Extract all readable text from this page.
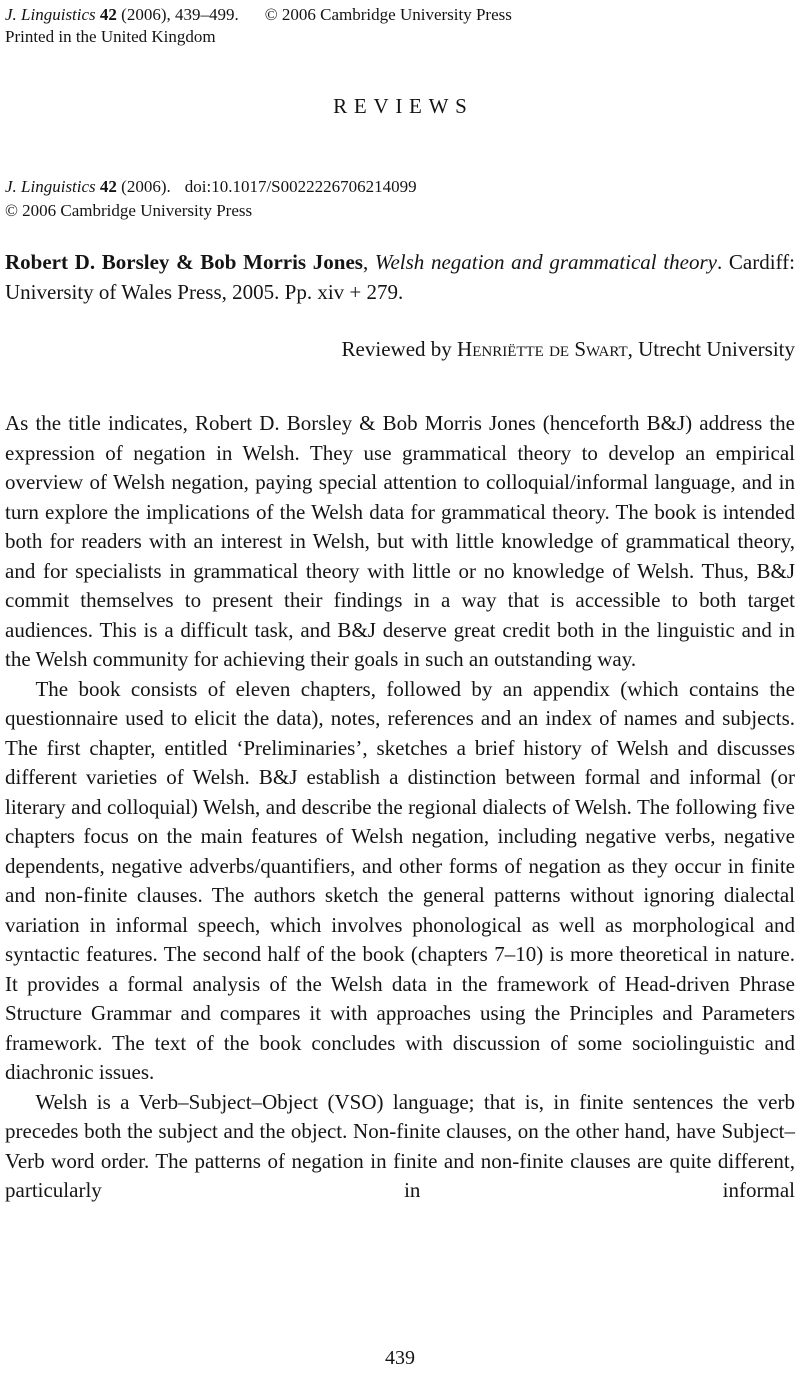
J. Linguistics 42 (2006), 439–499. © 2006 Cambridge University Press
Printed in the United Kingdom
REVIEWS
J. Linguistics 42 (2006). doi:10.1017/S0022226706214099
© 2006 Cambridge University Press

Robert D. Borsley & Bob Morris Jones, Welsh negation and grammatical theory. Cardiff: University of Wales Press, 2005. Pp. xiv + 279.

Reviewed by Henriëtte de Swart, Utrecht University

As the title indicates, Robert D. Borsley & Bob Morris Jones (henceforth B&J) address the expression of negation in Welsh. They use grammatical theory to develop an empirical overview of Welsh negation, paying special attention to colloquial/informal language, and in turn explore the implications of the Welsh data for grammatical theory. The book is intended both for readers with an interest in Welsh, but with little knowledge of grammatical theory, and for specialists in grammatical theory with little or no knowledge of Welsh. Thus, B&J commit themselves to present their findings in a way that is accessible to both target audiences. This is a difficult task, and B&J deserve great credit both in the linguistic and in the Welsh community for achieving their goals in such an outstanding way.

The book consists of eleven chapters, followed by an appendix (which contains the questionnaire used to elicit the data), notes, references and an index of names and subjects. The first chapter, entitled ‘Preliminaries’, sketches a brief history of Welsh and discusses different varieties of Welsh. B&J establish a distinction between formal and informal (or literary and colloquial) Welsh, and describe the regional dialects of Welsh. The following five chapters focus on the main features of Welsh negation, including negative verbs, negative dependents, negative adverbs/quantifiers, and other forms of negation as they occur in finite and non-finite clauses. The authors sketch the general patterns without ignoring dialectal variation in informal speech, which involves phonological as well as morphological and syntactic features. The second half of the book (chapters 7–10) is more theoretical in nature. It provides a formal analysis of the Welsh data in the framework of Head-driven Phrase Structure Grammar and compares it with approaches using the Principles and Parameters framework. The text of the book concludes with discussion of some sociolinguistic and diachronic issues.

Welsh is a Verb–Subject–Object (VSO) language; that is, in finite sentences the verb precedes both the subject and the object. Non-finite clauses, on the other hand, have Subject–Verb word order. The patterns of negation in finite and non-finite clauses are quite different, particularly in informal

439
